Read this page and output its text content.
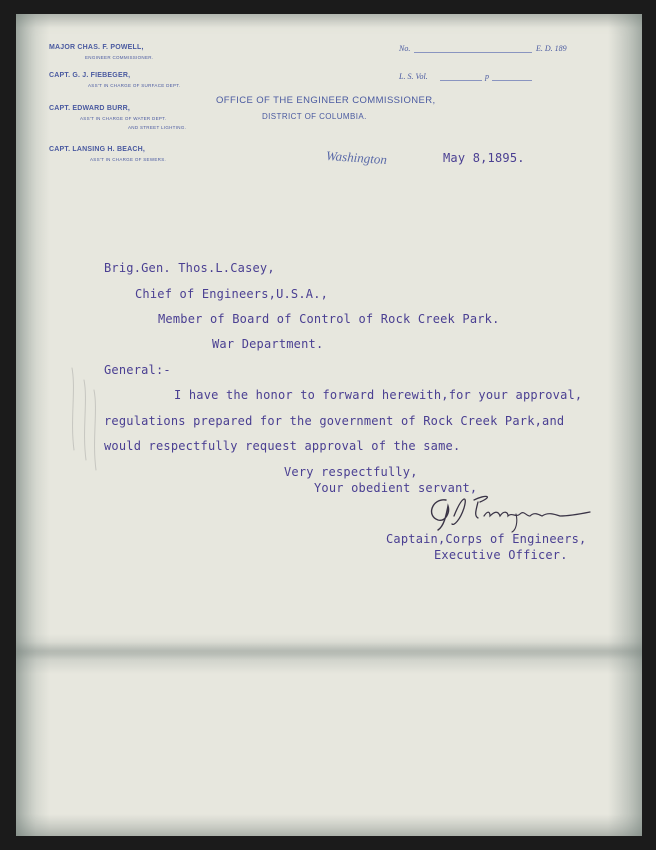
MAJOR CHAS. F. POWELL,
ENGINEER COMMISSIONER.
CAPT. G. J. FIEBEGER,
ASS'T IN CHARGE OF SURFACE DEPT.
CAPT. EDWARD BURR,
ASS'T IN CHARGE OF WATER DEPT.
AND STREET LIGHTING.
CAPT. LANSING H. BEACH,
ASS'T IN CHARGE OF SEWERS.
OFFICE OF THE ENGINEER COMMISSIONER,
DISTRICT OF COLUMBIA.
No.	E. D. 189
L. S. Vol.	p
Washington	May 8,1895.
Brig.Gen. Thos.L.Casey,
Chief of Engineers,U.S.A.,
Member of Board of Control of Rock Creek Park.
War Department.
General:-
I have the honor to forward herewith,for your approval,
regulations prepared for the government of Rock Creek Park,and
would respectfully request approval of the same.
Very respectfully,
Your obedient servant,
Captain,Corps of Engineers,
Executive Officer.
